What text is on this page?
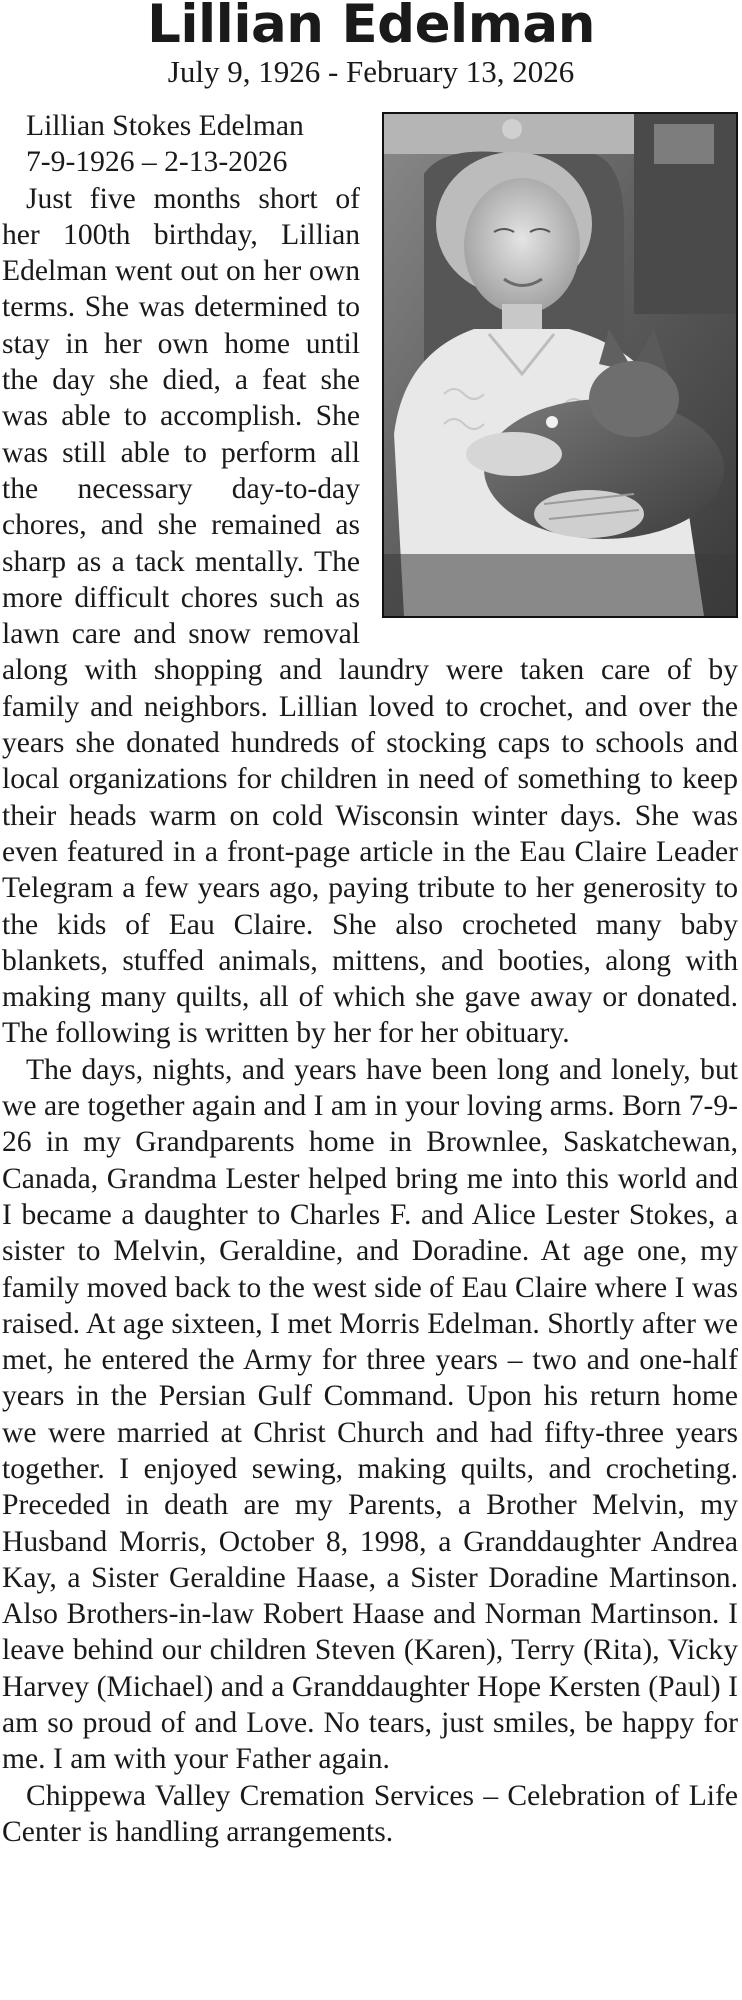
Lillian Edelman
July 9, 1926 - February 13, 2026
Lillian Stokes Edelman
7-9-1926 – 2-13-2026

Just five months short of her 100th birthday, Lillian Edelman went out on her own terms. She was determined to stay in her own home until the day she died, a feat she was able to accomplish. She was still able to perform all the necessary day-to-day chores, and she remained as sharp as a tack mentally. The more difficult chores such as lawn care and snow removal along with shopping and laundry were taken care of by family and neighbors. Lillian loved to crochet, and over the years she donated hundreds of stocking caps to schools and local organizations for children in need of something to keep their heads warm on cold Wisconsin winter days. She was even featured in a front-page article in the Eau Claire Leader Telegram a few years ago, paying tribute to her generosity to the kids of Eau Claire. She also crocheted many baby blankets, stuffed animals, mittens, and booties, along with making many quilts, all of which she gave away or donated. The following is written by her for her obituary.

The days, nights, and years have been long and lonely, but we are together again and I am in your loving arms. Born 7-9-26 in my Grandparents home in Brownlee, Saskatchewan, Canada, Grandma Lester helped bring me into this world and I became a daughter to Charles F. and Alice Lester Stokes, a sister to Melvin, Geraldine, and Doradine. At age one, my family moved back to the west side of Eau Claire where I was raised. At age sixteen, I met Morris Edelman. Shortly after we met, he entered the Army for three years – two and one-half years in the Persian Gulf Command. Upon his return home we were married at Christ Church and had fifty-three years together. I enjoyed sewing, making quilts, and crocheting. Preceded in death are my Parents, a Brother Melvin, my Husband Morris, October 8, 1998, a Granddaughter Andrea Kay, a Sister Geraldine Haase, a Sister Doradine Martinson. Also Brothers-in-law Robert Haase and Norman Martinson. I leave behind our children Steven (Karen), Terry (Rita), Vicky Harvey (Michael) and a Granddaughter Hope Kersten (Paul) I am so proud of and Love. No tears, just smiles, be happy for me. I am with your Father again.

Chippewa Valley Cremation Services – Celebration of Life Center is handling arrangements.
